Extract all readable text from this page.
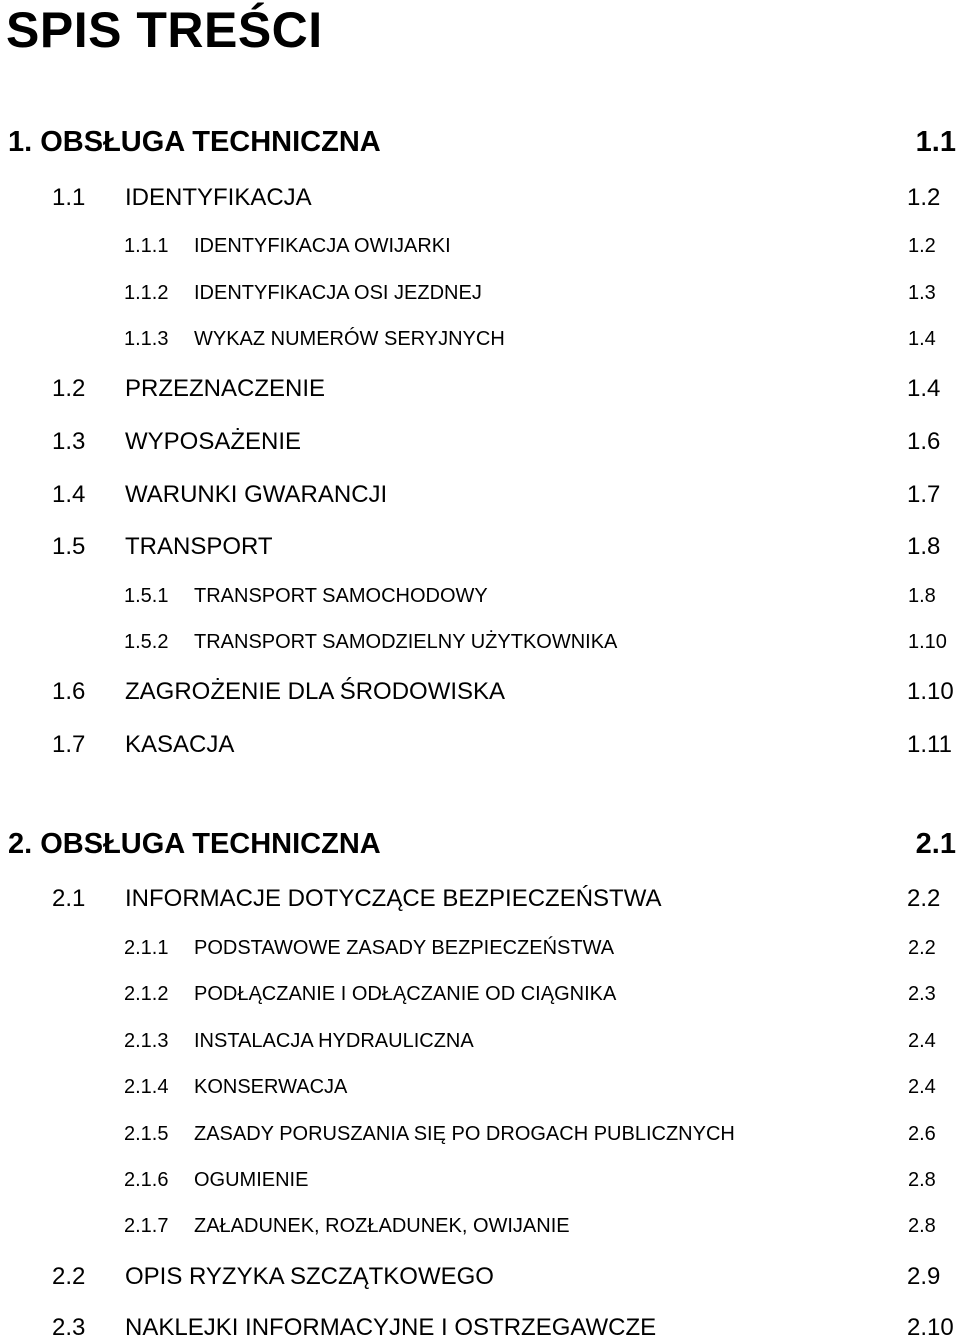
SPIS TREŚCI
1. OBSŁUGA TECHNICZNA	1.1
1.1 IDENTYFIKACJA	1.2
1.1.1 IDENTYFIKACJA OWIJARKI	1.2
1.1.2 IDENTYFIKACJA OSI JEZDNEJ	1.3
1.1.3 WYKAZ NUMERÓW SERYJNYCH	1.4
1.2 PRZEZNACZENIE	1.4
1.3 WYPOSAŻENIE	1.6
1.4 WARUNKI GWARANCJI	1.7
1.5 TRANSPORT	1.8
1.5.1 TRANSPORT SAMOCHODOWY	1.8
1.5.2 TRANSPORT SAMODZIELNY UŻYTKOWNIKA	1.10
1.6 ZAGROŻENIE DLA ŚRODOWISKA	1.10
1.7 KASACJA	1.11
2. OBSŁUGA TECHNICZNA	2.1
2.1 INFORMACJE DOTYCZĄCE BEZPIECZEŃSTWA	2.2
2.1.1 PODSTAWOWE ZASADY BEZPIECZEŃSTWA	2.2
2.1.2 PODŁĄCZANIE I ODŁĄCZANIE OD CIĄGNIKA	2.3
2.1.3 INSTALACJA HYDRAULICZNA	2.4
2.1.4 KONSERWACJA	2.4
2.1.5 ZASADY PORUSZANIA SIĘ PO DROGACH PUBLICZNYCH	2.6
2.1.6 OGUMIENIE	2.8
2.1.7 ZAŁADUNEK, ROZŁADUNEK, OWIJANIE	2.8
2.2 OPIS RYZYKA SZCZĄTKOWEGO	2.9
2.3 NAKLEJKI INFORMACYJNE I OSTRZEGAWCZE	2.10
